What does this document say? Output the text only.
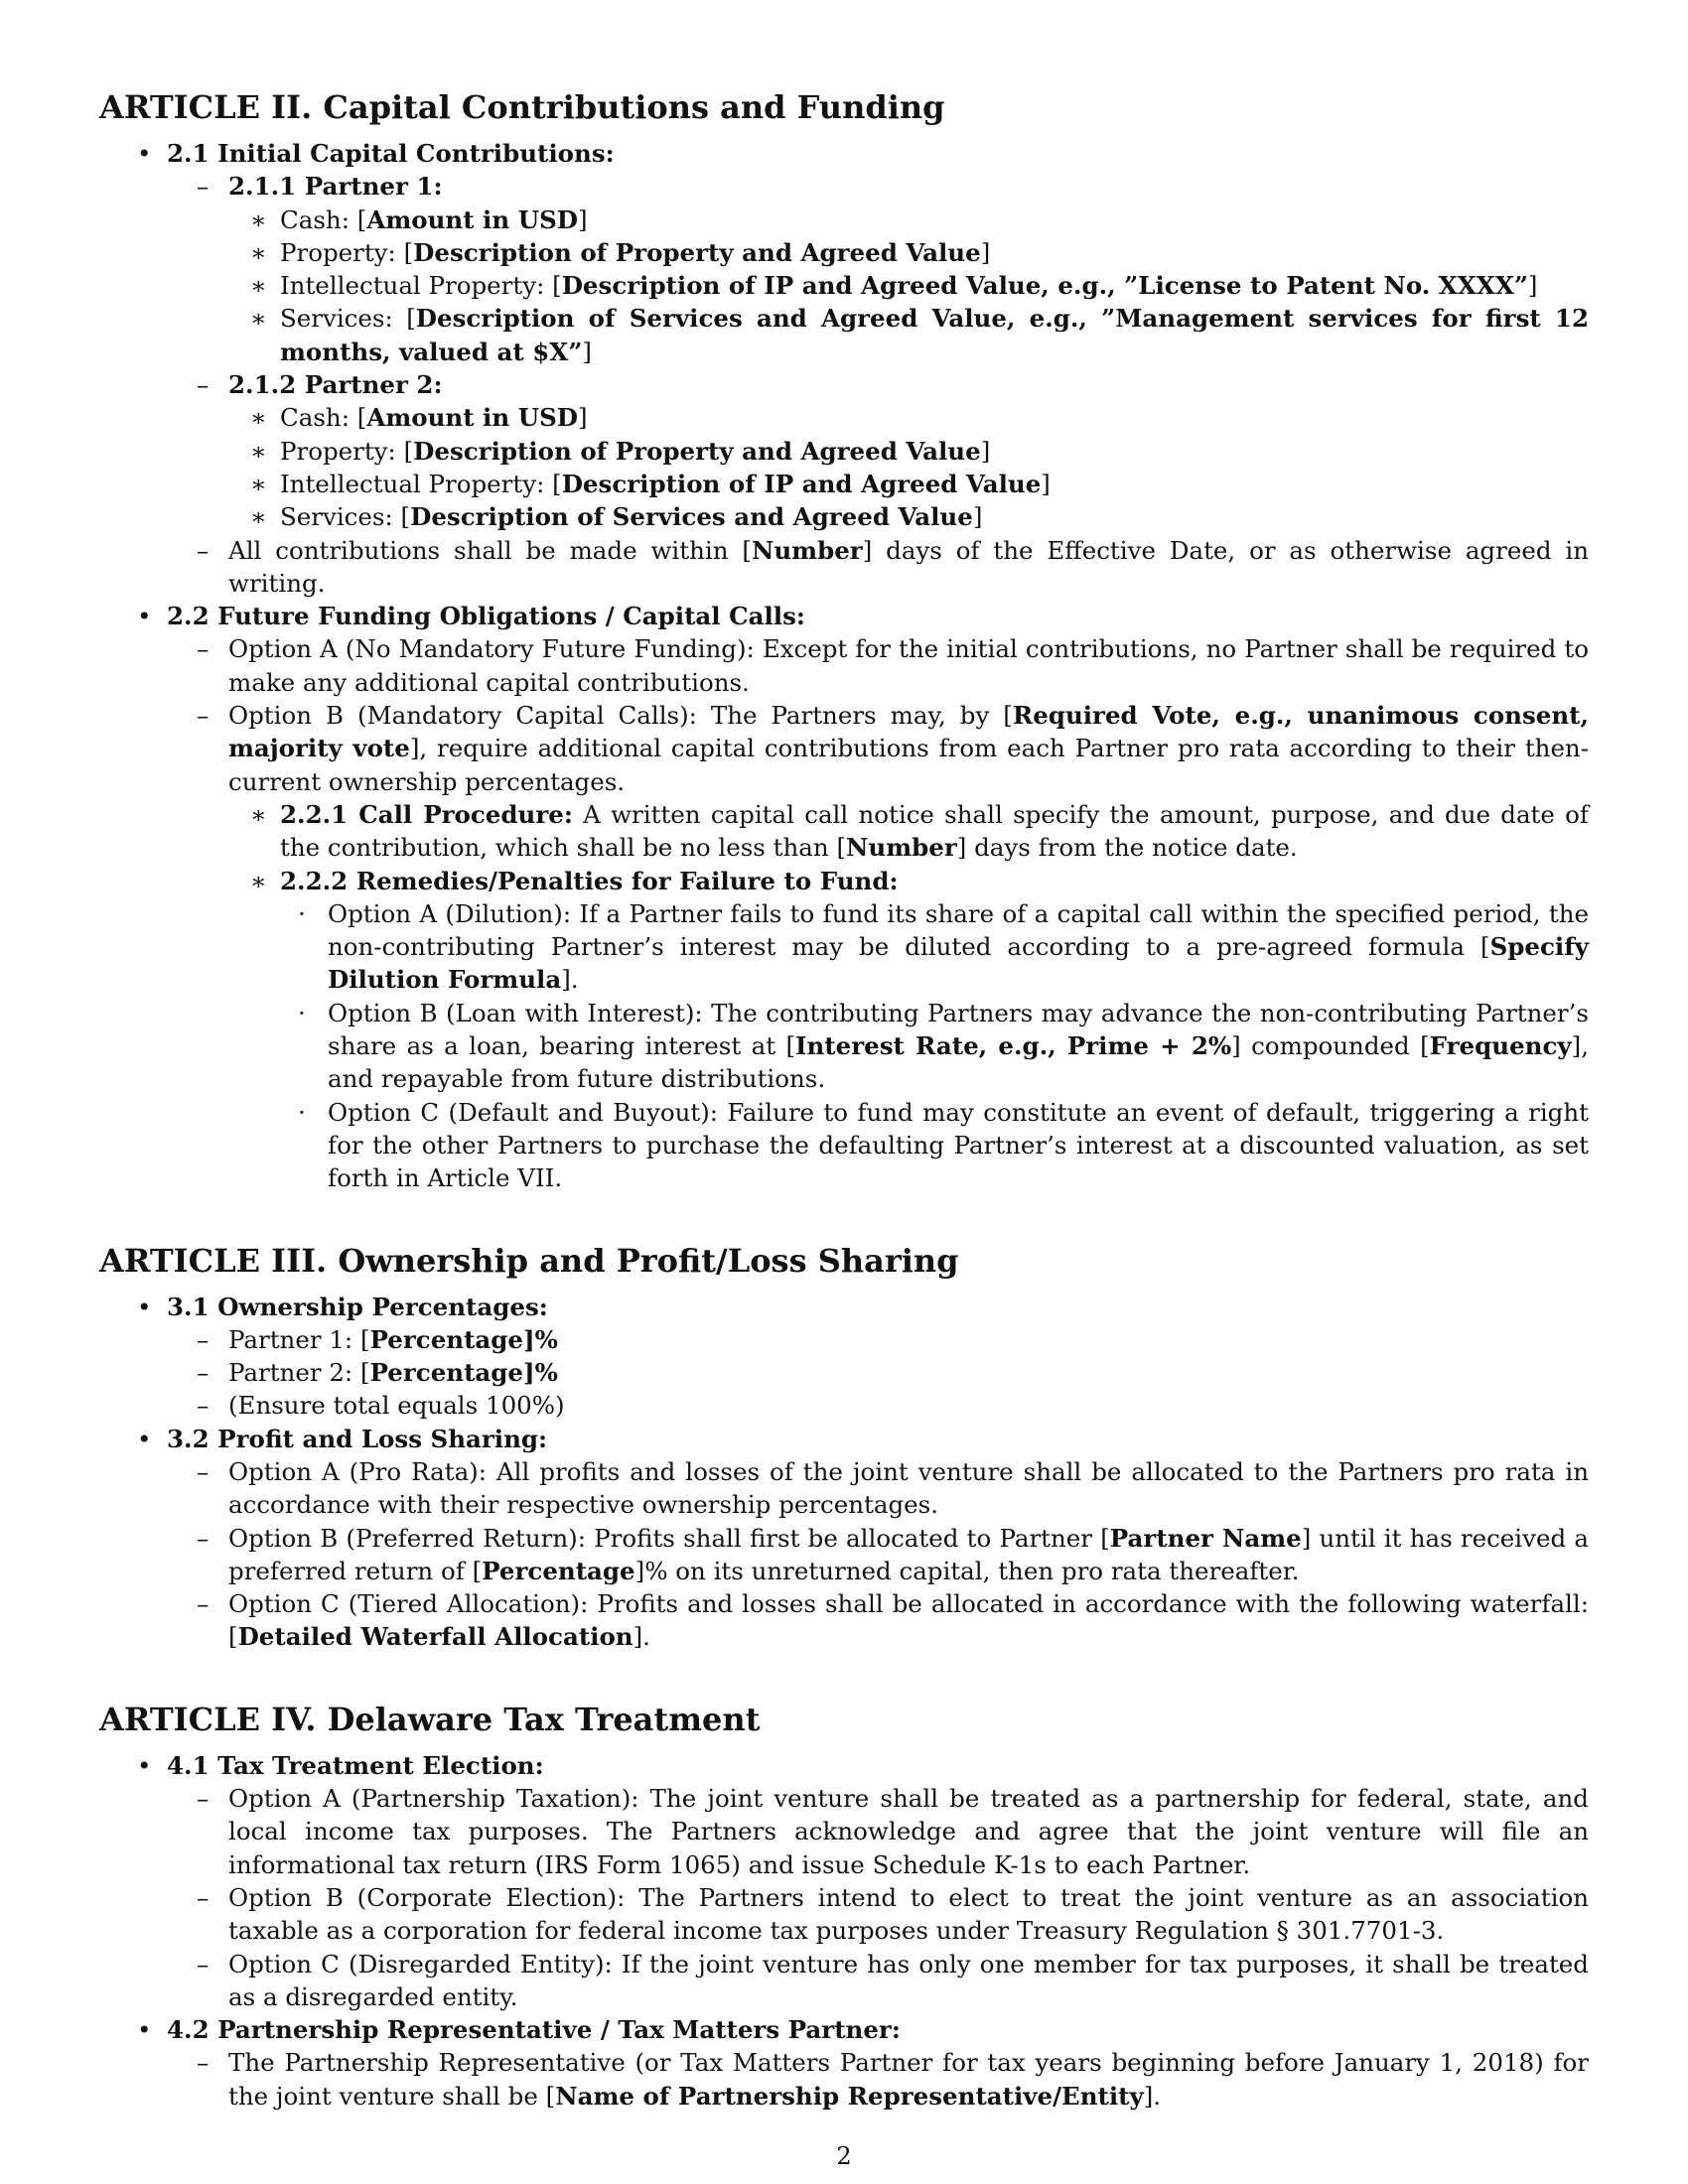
ARTICLE II. Capital Contributions and Funding
• 2.1 Initial Capital Contributions:
– 2.1.1 Partner 1:
∗ Cash: [Amount in USD]
∗ Property: [Description of Property and Agreed Value]
∗ Intellectual Property: [Description of IP and Agreed Value, e.g., ”License to Patent No. XXXX”]
∗ Services: [Description of Services and Agreed Value, e.g., ”Management services for first 12 months, valued at $X”]
– 2.1.2 Partner 2:
∗ Cash: [Amount in USD]
∗ Property: [Description of Property and Agreed Value]
∗ Intellectual Property: [Description of IP and Agreed Value]
∗ Services: [Description of Services and Agreed Value]
– All contributions shall be made within [Number] days of the Effective Date, or as otherwise agreed in writing.
• 2.2 Future Funding Obligations / Capital Calls:
– Option A (No Mandatory Future Funding): Except for the initial contributions, no Partner shall be required to make any additional capital contributions.
– Option B (Mandatory Capital Calls): The Partners may, by [Required Vote, e.g., unanimous consent, majority vote], require additional capital contributions from each Partner pro rata according to their then-current ownership percentages.
∗ 2.2.1 Call Procedure: A written capital call notice shall specify the amount, purpose, and due date of the contribution, which shall be no less than [Number] days from the notice date.
∗ 2.2.2 Remedies/Penalties for Failure to Fund:
· Option A (Dilution): If a Partner fails to fund its share of a capital call within the specified period, the non-contributing Partner’s interest may be diluted according to a pre-agreed formula [Specify Dilution Formula].
· Option B (Loan with Interest): The contributing Partners may advance the non-contributing Partner’s share as a loan, bearing interest at [Interest Rate, e.g., Prime + 2%] compounded [Frequency], and repayable from future distributions.
· Option C (Default and Buyout): Failure to fund may constitute an event of default, triggering a right for the other Partners to purchase the defaulting Partner’s interest at a discounted valuation, as set forth in Article VII.
ARTICLE III. Ownership and Profit/Loss Sharing
• 3.1 Ownership Percentages:
– Partner 1: [Percentage]%
– Partner 2: [Percentage]%
– (Ensure total equals 100%)
• 3.2 Profit and Loss Sharing:
– Option A (Pro Rata): All profits and losses of the joint venture shall be allocated to the Partners pro rata in accordance with their respective ownership percentages.
– Option B (Preferred Return): Profits shall first be allocated to Partner [Partner Name] until it has received a preferred return of [Percentage]% on its unreturned capital, then pro rata thereafter.
– Option C (Tiered Allocation): Profits and losses shall be allocated in accordance with the following waterfall: [Detailed Waterfall Allocation].
ARTICLE IV. Delaware Tax Treatment
• 4.1 Tax Treatment Election:
– Option A (Partnership Taxation): The joint venture shall be treated as a partnership for federal, state, and local income tax purposes. The Partners acknowledge and agree that the joint venture will file an informational tax return (IRS Form 1065) and issue Schedule K-1s to each Partner.
– Option B (Corporate Election): The Partners intend to elect to treat the joint venture as an association taxable as a corporation for federal income tax purposes under Treasury Regulation § 301.7701-3.
– Option C (Disregarded Entity): If the joint venture has only one member for tax purposes, it shall be treated as a disregarded entity.
• 4.2 Partnership Representative / Tax Matters Partner:
– The Partnership Representative (or Tax Matters Partner for tax years beginning before January 1, 2018) for the joint venture shall be [Name of Partnership Representative/Entity].
2
